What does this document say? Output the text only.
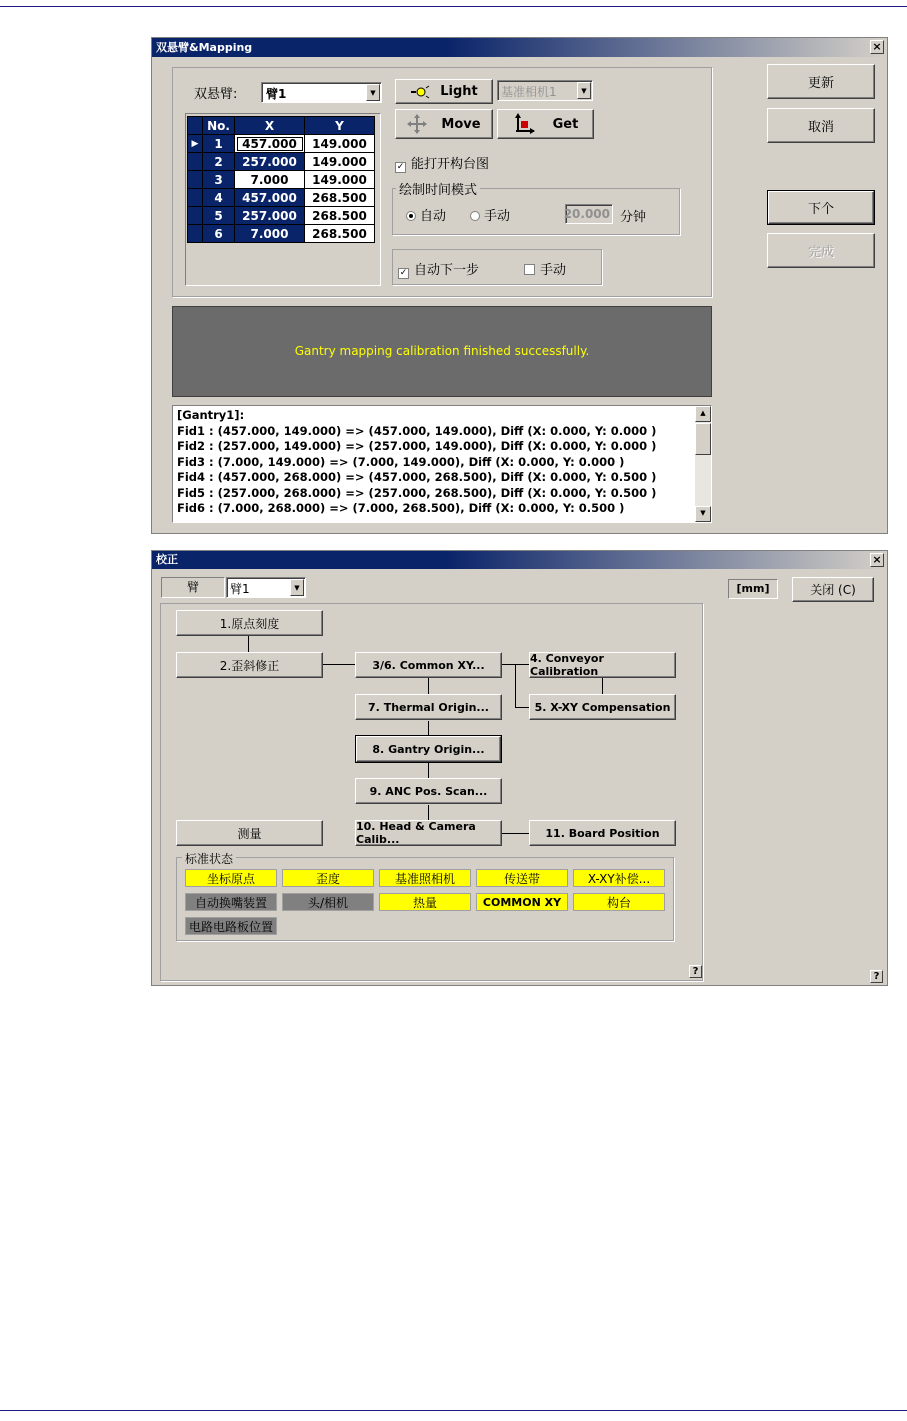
双悬臂&Mapping	×
双悬臂: 臂1	▼	Light 基准相机1	▼
Move	Get
	No.	X	Y
▶	1	457.000	149.000
	2	257.000	149.000
	3	7.000	149.000
	4	457.000	268.500
	5	257.000	268.500
	6	7.000	268.500
✓ 能打开构台图
绘制时间模式
自动	手动	20.000 分钟
✓ 自动下一步	手动
更新
取消
下个
完成
Gantry mapping calibration finished successfully.
[Gantry1]:
Fid1 : (457.000, 149.000) => (457.000, 149.000), Diff (X: 0.000, Y: 0.000 )
Fid2 : (257.000, 149.000) => (257.000, 149.000), Diff (X: 0.000, Y: 0.000 )
Fid3 : (7.000, 149.000) => (7.000, 149.000), Diff (X: 0.000, Y: 0.000 )
Fid4 : (457.000, 268.000) => (457.000, 268.500), Diff (X: 0.000, Y: 0.500 )
Fid5 : (257.000, 268.000) => (257.000, 268.500), Diff (X: 0.000, Y: 0.500 )
Fid6 : (7.000, 268.000) => (7.000, 268.500), Diff (X: 0.000, Y: 0.500 )
▲
▼
校正	×
臂	臂1	▼	[mm]	关闭 (C)
1.原点刻度
2.歪斜修正	3/6. Common XY...	4. Conveyor Calibration
5. X-XY Compensation
7. Thermal Origin...
8. Gantry Origin...
9. ANC Pos. Scan...
测量	10. Head & Camera Calib...	11. Board Position
标准状态
坐标原点	歪度	基准照相机	传送带	X-XY补偿...
自动换嘴装置	头/相机	热量	COMMON XY	构台
电路电路板位置
?	?
